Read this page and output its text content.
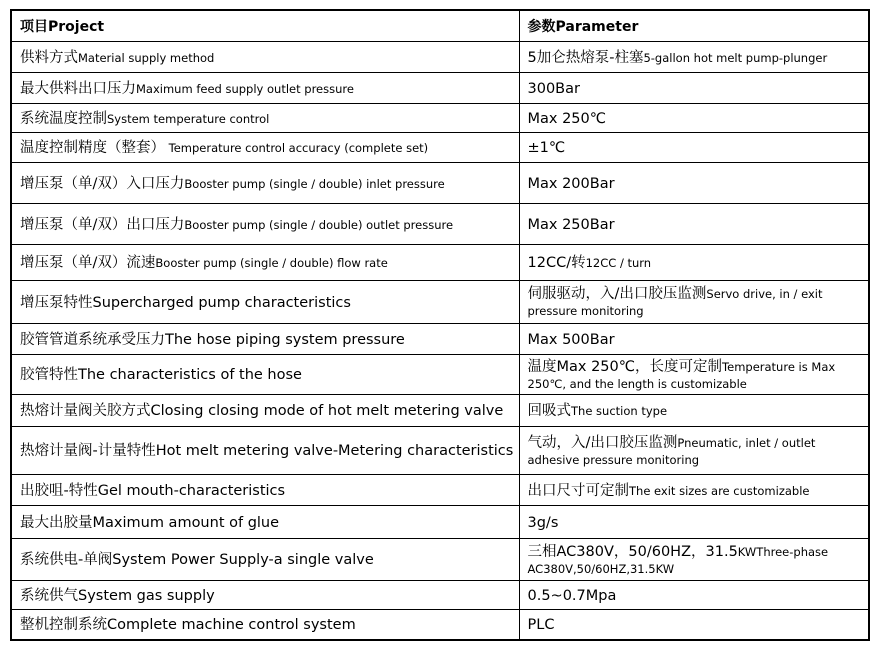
项目Project	参数Parameter
供料方式Material supply method	5加仑热熔泵-柱塞5-gallon hot melt pump-plunger
最大供料出口压力Maximum feed supply outlet pressure	300Bar
系统温度控制System temperature control	Max 250℃
温度控制精度（整套） Temperature control accuracy (complete set)	±1℃
增压泵（单/双）入口压力Booster pump (single / double) inlet pressure	Max 200Bar
增压泵（单/双）出口压力Booster pump (single / double) outlet pressure	Max 250Bar
增压泵（单/双）流速Booster pump (single / double) flow rate	12CC/转12CC / turn
增压泵特性Supercharged pump characteristics	伺服驱动，入/出口胶压监测Servo drive, in / exit pressure monitoring
胶管管道系统承受压力The hose piping system pressure	Max 500Bar
胶管特性The characteristics of the hose	温度Max 250℃，长度可定制Temperature is Max 250℃, and the length is customizable
热熔计量阀关胶方式Closing closing mode of hot melt metering valve	回吸式The suction type
热熔计量阀-计量特性Hot melt metering valve-Metering characteristics	气动，入/出口胶压监测Pneumatic, inlet / outlet adhesive pressure monitoring
出胶咀-特性Gel mouth-characteristics	出口尺寸可定制The exit sizes are customizable
最大出胶量Maximum amount of glue	3g/s
系统供电-单阀System Power Supply-a single valve	三相AC380V，50/60HZ，31.5KWThree-phase AC380V,50/60HZ,31.5KW
系统供气System gas supply	0.5~0.7Mpa
整机控制系统Complete machine control system	PLC
